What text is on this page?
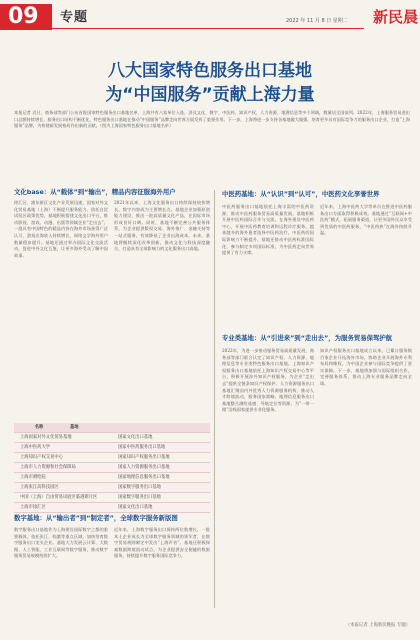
09	专题	2022 年 11 月 8 日 星期二	新民晨
八大国家特色服务出口基地
为“中国服务”贡献上海力量
本报记者 近日，商务部等部门公布首批国家特色服务出口基地名单，上海共有八家单位入选，涉及文化、数字、中医药、知识产权、人力资源、地理信息等多个领域，数量居全国前列。2022年，上海服务贸易进出口总额持续增长，服务出口结构不断优化，特色服务出口基地在推动“中国服务”品牌走向世界方面发挥了重要作用。下一步，上海将进一步支持各基地做大做强，培育更多具有国际竞争力的服务出口企业，打造“上海服务”品牌，为构建新发展格局作出新的贡献。（图为上海国家特色服务出口基地名单）
文化base：从“载体”到“输出”，精品内容征服海外用户
徐汇区、浦东新区文化产业发展迅速，国家对外文化贸易基地（上海）不断提升服务能力。依托自贸试验区政策优势，基地积极搭建文化出口平台，推动影视、游戏、动漫、出版等领域企业“走出去”。一批具有中国特色的精品内容在海外市场获得广泛认可，游戏出海收入持续增长，网络文学海外用户数量稳步提升。基地还通过举办国际文化交流活动，促进中外文化互鉴，让更多海外受众了解中国故事。
2021年以来，上海文化服务出口持续保持较快增长，数字内容成为主要增长点。基地企业加强原创能力建设，推出一批高质量文化产品，在国际市场形成良好口碑。同时，基地不断完善公共服务体系，为企业提供版权交易、海外推广、金融支持等一站式服务，有效降低了企业出海成本。未来，基地将继续深化改革创新，推动文化与科技深度融合，打造具有全球影响力的文化服务出口高地。
名称	基地
上海国家对外文化贸易基地	国家文化出口基地
上海中医药大学	国家中医药服务出口基地
上海知识产权交易中心	国家知识产权服务出口基地
上海市人力资源和社会保障局	国家人力资源服务出口基地
上海市测绘院	国家地理信息服务出口基地
上海张江高科技园区	国家数字服务出口基地
中国（上海）自由贸易试验区临港新片区	国家数字服务出口基地
上海市徐汇区	国家文化出口基地
数字基地：从“输出者”到“制定者”，全球数字服务新版图
数字服务出口基地作为上海建设国际数字之都的重要载体，依托张江、临港等重点区域，加快培育数字服务出口龙头企业。基地大力发展云计算、大数据、人工智能、工业互联网等数字服务，推动数字服务贸易规模持续扩大。
近年来，上海数字服务出口保持两位数增长，一批本土企业成长为全球数字服务领域的领军者，在数字贸易规则制定中发出“上海声音”。基地还积极探索数据跨境流动试点，为企业提供安全便捷的数据服务，持续提升数字服务国际竞争力。
中医药基地：从“认识”到“认可”，中医药文化享誉世界
中医药服务出口基地依托上海丰富的中医药资源，推动中医药服务贸易高质量发展。基地积极开展中医药国际合作与交流，在海外建设中医药中心，开展中医药教育培训和远程诊疗服务。越来越多的海外患者选择中医药治疗，中医药的国际影响力不断提升。基地还推动中医药标准国际化，参与制定多项国际标准，为中医药走向世界提供了有力支撑。
近年来，上海中医药大学等单位在推进中医药服务出口方面取得积极成效。基地通过“互联网+中医药”模式，拓展服务渠道，让更多国外民众享受到优质的中医药服务，“中医药热”在海外持续升温。
专业类基地：从“引进来”到“走出去”，为服务贸易保驾护航
2022年，为进一步推动服务贸易高质量发展，商务部等部门联合认定了知识产权、人力资源、地理信息等专业类特色服务出口基地。上海知识产权服务出口基地依托上海知识产权交易中心等平台，积极开展涉外知识产权服务，为企业“走出去”提供全链条知识产权保护。人力资源服务出口基地汇聚国内外优秀人力资源服务机构，推动人才跨境流动，服务国家战略。地理信息服务出口基地整合测绘遥感、导航定位等资源，为“一带一路”沿线国家提供专业化服务。
知识产权服务出口基地成立以来，已累计服务数百家企业开拓海外市场，协助企业开展海外专利布局和维权，为中国企业参与国际竞争提供了坚实保障。下一步，基地将加强与国际组织合作，完善服务体系，推动上海专业服务品牌走向全球。
（本报记者 上海新民晚报 专题）
